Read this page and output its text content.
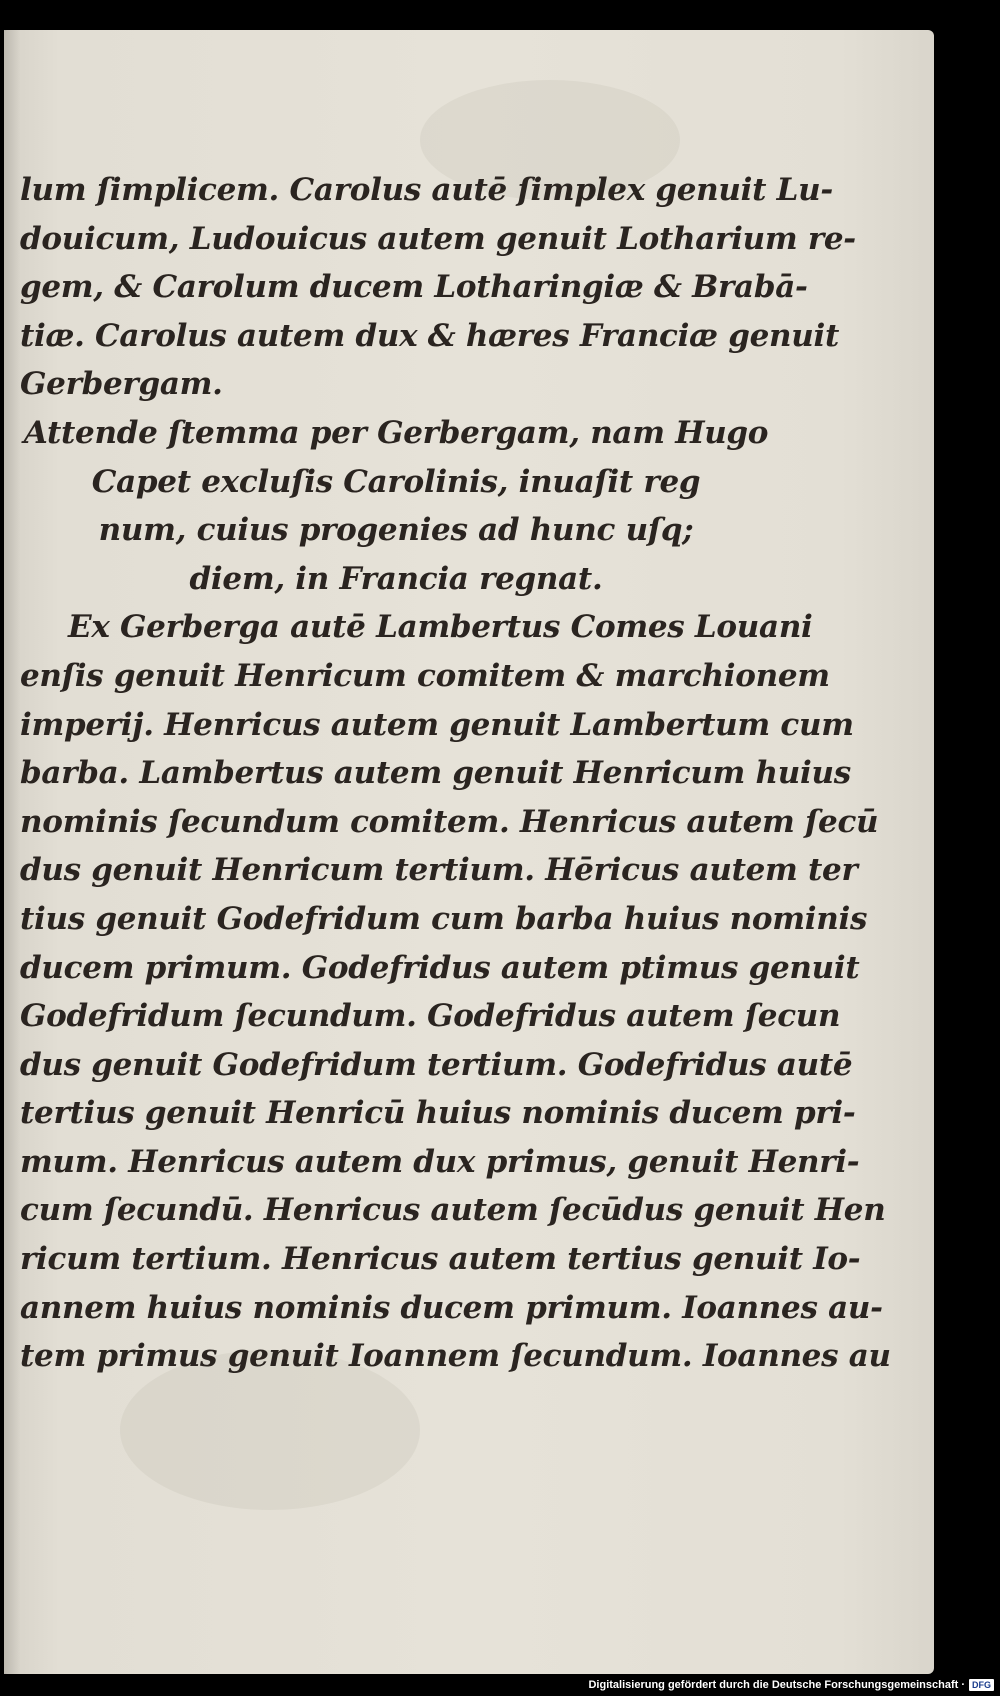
lum ſimplicem. Carolus autē ſimplex genuit Lu-
douicum, Ludouicus autem genuit Lotharium re-
gem, & Carolum ducem Lotharingiæ & Brabā-
tiæ. Carolus autem dux & hæres Franciæ genuit
Gerbergam.
Attende ſtemma per Gerbergam, nam Hugo
Capet excluſis Carolinis, inuaſit reg
num, cuius progenies ad hunc uſq;
diem, in Francia regnat.
Ex Gerberga autē Lambertus Comes Louani
enſis genuit Henricum comitem & marchionem
imperij. Henricus autem genuit Lambertum cum
barba. Lambertus autem genuit Henricum huius
nominis ſecundum comitem. Henricus autem ſecū
dus genuit Henricum tertium. Hēricus autem ter
tius genuit Godefridum cum barba huius nominis
ducem primum. Godefridus autem ptimus genuit
Godefridum ſecundum. Godefridus autem ſecun
dus genuit Godefridum tertium. Godefridus autē
tertius genuit Henricū huius nominis ducem pri-
mum. Henricus autem dux primus, genuit Henri-
cum ſecundū. Henricus autem ſecūdus genuit Hen
ricum tertium. Henricus autem tertius genuit Io-
annem huius nominis ducem primum. Ioannes au-
tem primus genuit Ioannem ſecundum. Ioannes au
Digitalisierung gefördert durch die Deutsche Forschungsgemeinschaft · DFG
